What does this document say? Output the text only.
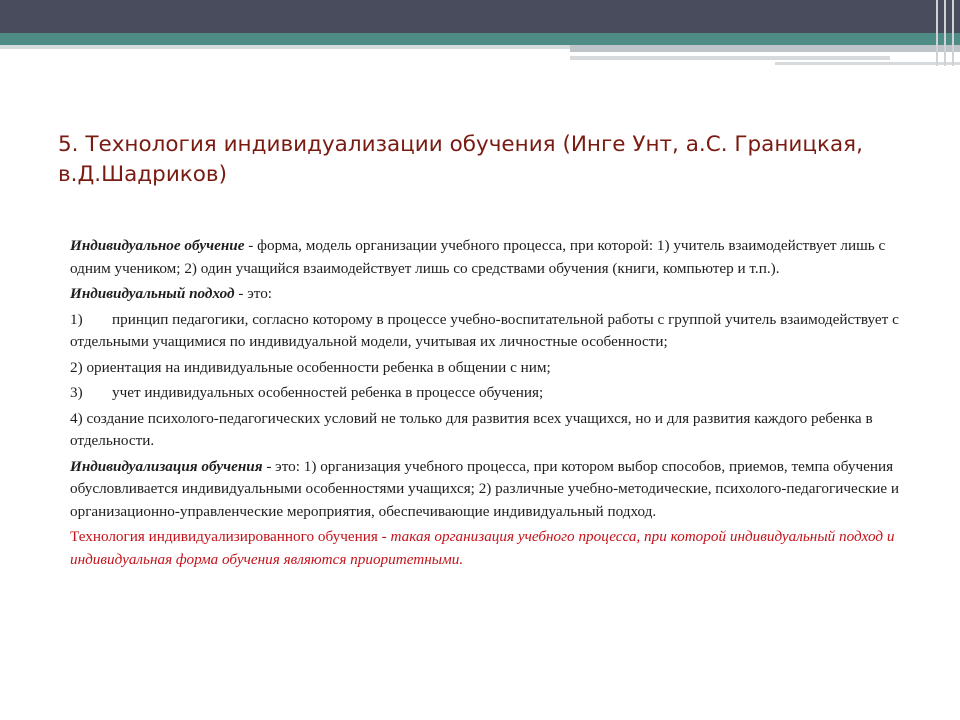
5. Технология индивидуализации обучения (Инге Унт, а.С. Границкая, в.Д.Шадриков)

Индивидуальное обучение - форма, модель организации учебного процесса, при которой: 1) учитель взаимодействует лишь с одним учеником; 2) один учащийся взаимодействует лишь со средствами обучения (книги, компьютер и т.п.).

Индивидуальный подход - это:

1) принцип педагогики, согласно которому в процессе учебно-воспитательной работы с группой учитель взаимодействует с отдельными учащимися по индивидуальной модели, учитывая их личностные особенности;

2) ориентация на индивидуальные особенности ребенка в общении с ним;

3) учет индивидуальных особенностей ребенка в процессе обучения;

4) создание психолого-педагогических условий не только для развития всех учащихся, но и для развития каждого ребенка в отдельности.

Индивидуализация обучения - это: 1) организация учебного процесса, при котором выбор способов, приемов, темпа обучения обусловливается индивидуальными особенностями учащихся; 2) различные учебно-методические, психолого-педагогические и организационно-управленческие мероприятия, обеспечивающие индивидуальный подход.

Технология индивидуализированного обучения - такая организация учебного процесса, при которой индивидуальный подход и индивидуальная форма обучения являются приоритетными.
